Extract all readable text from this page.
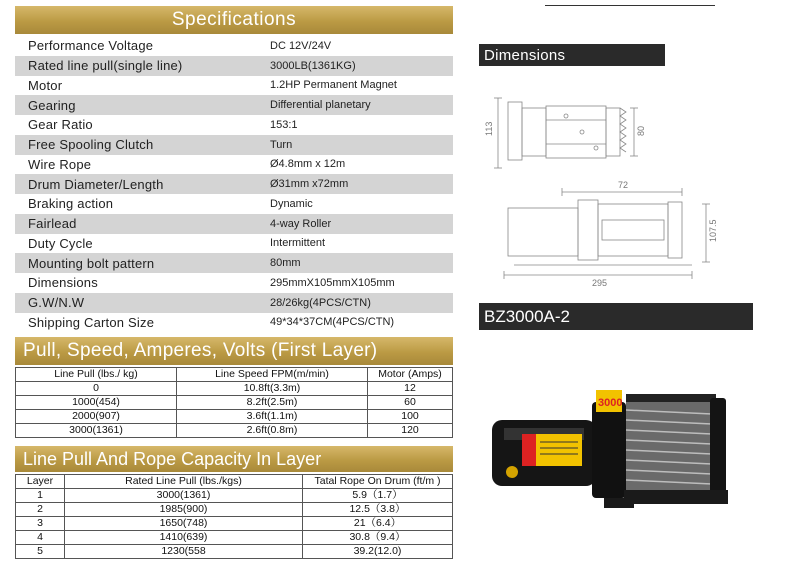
Specifications
Performance Voltage	DC 12V/24V
Rated line pull(single line)	3000LB(1361KG)
Motor	1.2HP Permanent Magnet
Gearing	Differential planetary
Gear Ratio	153:1
Free Spooling Clutch	Turn
Wire Rope	Ø4.8mm x 12m
Drum Diameter/Length	Ø31mm x72mm
Braking action	Dynamic
Fairlead	4-way Roller
Duty Cycle	Intermittent
Mounting bolt pattern	80mm
Dimensions	295mmX105mmX105mm
G.W/N.W	28/26kg(4PCS/CTN)
Shipping Carton Size	49*34*37CM(4PCS/CTN)
Pull, Speed, Amperes, Volts (First Layer)
Line Pull (lbs./ kg)	Line Speed FPM(m/min)	Motor (Amps)
0	10.8ft(3.3m)	12
1000(454)	8.2ft(2.5m)	60
2000(907)	3.6ft(1.1m)	100
3000(1361)	2.6ft(0.8m)	120
Line Pull And Rope Capacity In Layer
Layer	Rated Line Pull (lbs./kgs)	Tatal Rope On Drum (ft/m )
1	3000(1361)	5.9（1.7）
2	1985(900)	12.5（3.8）
3	1650(748)	21（6.4）
4	1410(639)	30.8（9.4）
5	1230(558	39.2(12.0)
Dimensions
113	80
72
107.5
295
BZ3000A-2
3000
